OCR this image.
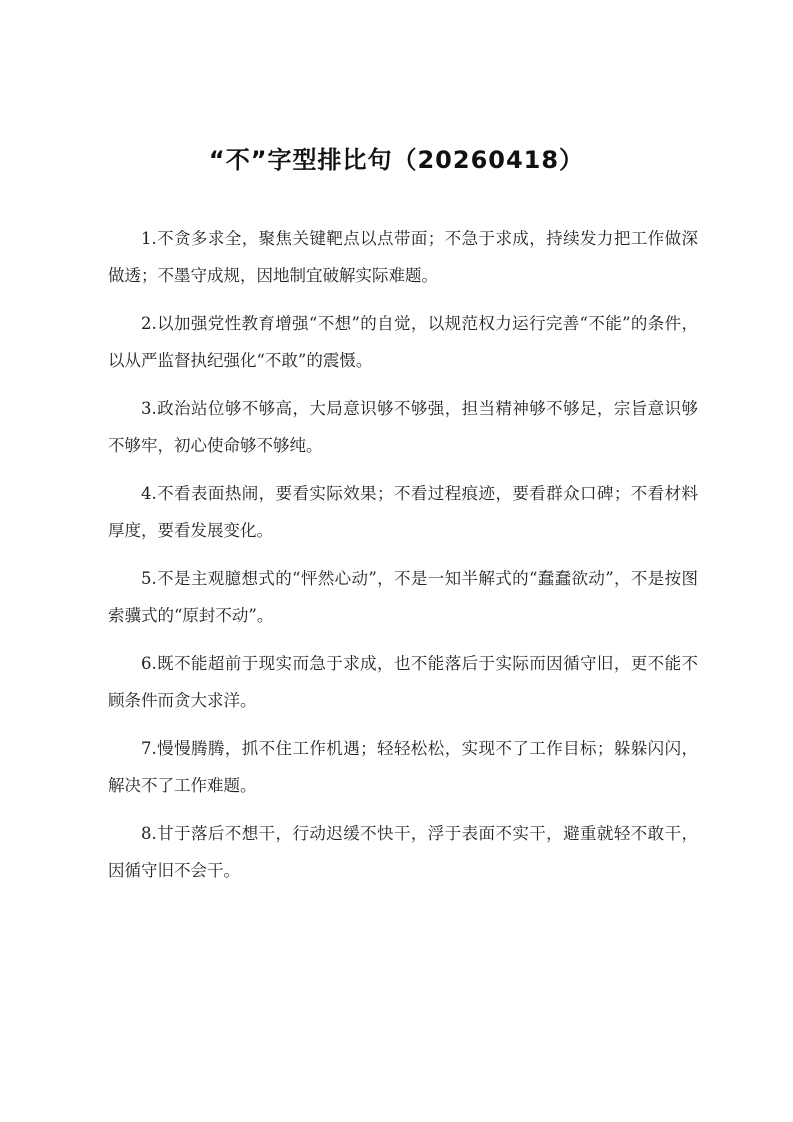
“不”字型排比句（20260418）

1.不贪多求全，聚焦关键靶点以点带面；不急于求成，持续发力把工作做深做透；不墨守成规，因地制宜破解实际难题。

2.以加强党性教育增强“不想”的自觉，以规范权力运行完善“不能”的条件，以从严监督执纪强化“不敢”的震慑。

3.政治站位够不够高，大局意识够不够强，担当精神够不够足，宗旨意识够不够牢，初心使命够不够纯。

4.不看表面热闹，要看实际效果；不看过程痕迹，要看群众口碑；不看材料厚度，要看发展变化。

5.不是主观臆想式的“怦然心动”，不是一知半解式的“蠢蠢欲动”，不是按图索骥式的“原封不动”。

6.既不能超前于现实而急于求成，也不能落后于实际而因循守旧，更不能不顾条件而贪大求洋。

7.慢慢腾腾，抓不住工作机遇；轻轻松松，实现不了工作目标；躲躲闪闪，解决不了工作难题。

8.甘于落后不想干，行动迟缓不快干，浮于表面不实干，避重就轻不敢干，因循守旧不会干。
